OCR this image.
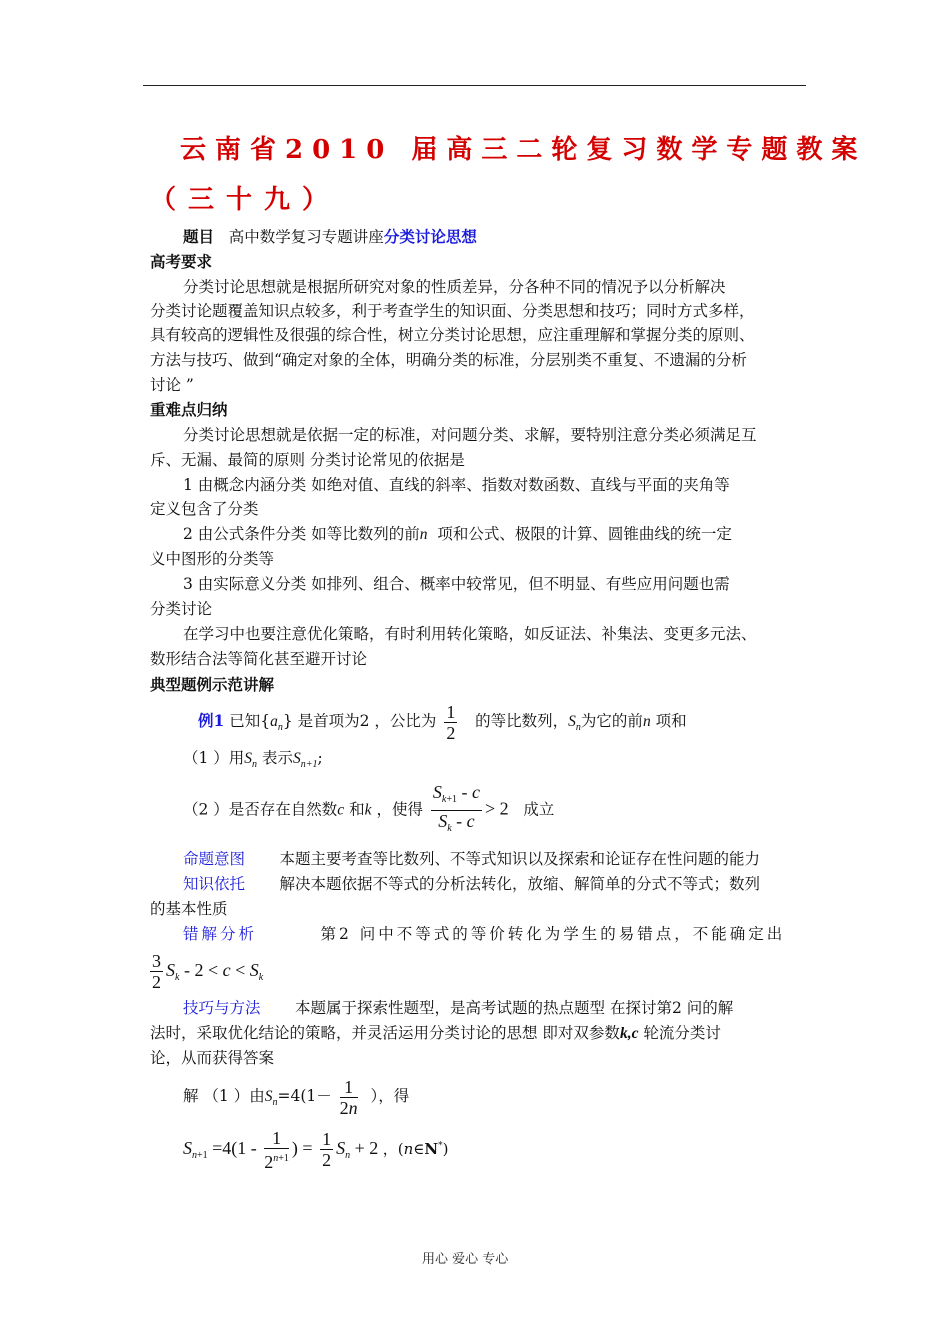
云南省2010 届高三二轮复习数学专题教案
（三十九）
题目 高中数学复习专题讲座分类讨论思想
高考要求
分类讨论思想就是根据所研究对象的性质差异，分各种不同的情况予以分析解决
分类讨论题覆盖知识点较多，利于考查学生的知识面、分类思想和技巧；同时方式多样，
具有较高的逻辑性及很强的综合性，树立分类讨论思想，应注重理解和掌握分类的原则、
方法与技巧、做到“确定对象的全体，明确分类的标准，分层别类不重复、不遗漏的分析
讨论 ”
重难点归纳
分类讨论思想就是依据一定的标准，对问题分类、求解，要特别注意分类必须满足互
斥、无漏、最简的原则 分类讨论常见的依据是
1 由概念内涵分类 如绝对值、直线的斜率、指数对数函数、直线与平面的夹角等
定义包含了分类
2 由公式条件分类 如等比数列的前n 项和公式、极限的计算、圆锥曲线的统一定
义中图形的分类等
3 由实际意义分类 如排列、组合、概率中较常见，但不明显、有些应用问题也需
分类讨论
在学习中也要注意优化策略，有时利用转化策略，如反证法、补集法、变更多元法、
数形结合法等简化甚至避开讨论
典型题例示范讲解
例1 已知$\{a_n\}$ 是首项为2 ，公比为 $\frac{1}{2}$ 的等比数列，$S_n$为它的前n 项和
（1 ）用$S_n$ 表示$S_{n+1}$;
（2 ）是否存在自然数c 和k ，使得 $\frac{S_{k+1} - c}{S_k - c} > 2$ 成立
命题意图 本题主要考查等比数列、不等式知识以及探索和论证存在性问题的能力
知识依托 解决本题依据不等式的分析法转化，放缩、解简单的分式不等式；数列
的基本性质
错解分析	第2 问中不等式的等价转化为学生的易错点，不能确定出
$\frac{3}{2} S_k - 2 < c < S_k$
技巧与方法 本题属于探索性题型，是高考试题的热点题型 在探讨第2 问的解
法时，采取优化结论的策略，并灵活运用分类讨论的思想 即对双参数k,c 轮流分类讨
论，从而获得答案
解 （1 ）由$S_n=4(1- \frac{1}{2n}$ ），得
$S_{n+1} =4(1 - \frac{1}{2^{n+1}}$ ) = $\frac{1}{2} S_n + 2$ ，(n∈N*)
用心 爱心 专心
